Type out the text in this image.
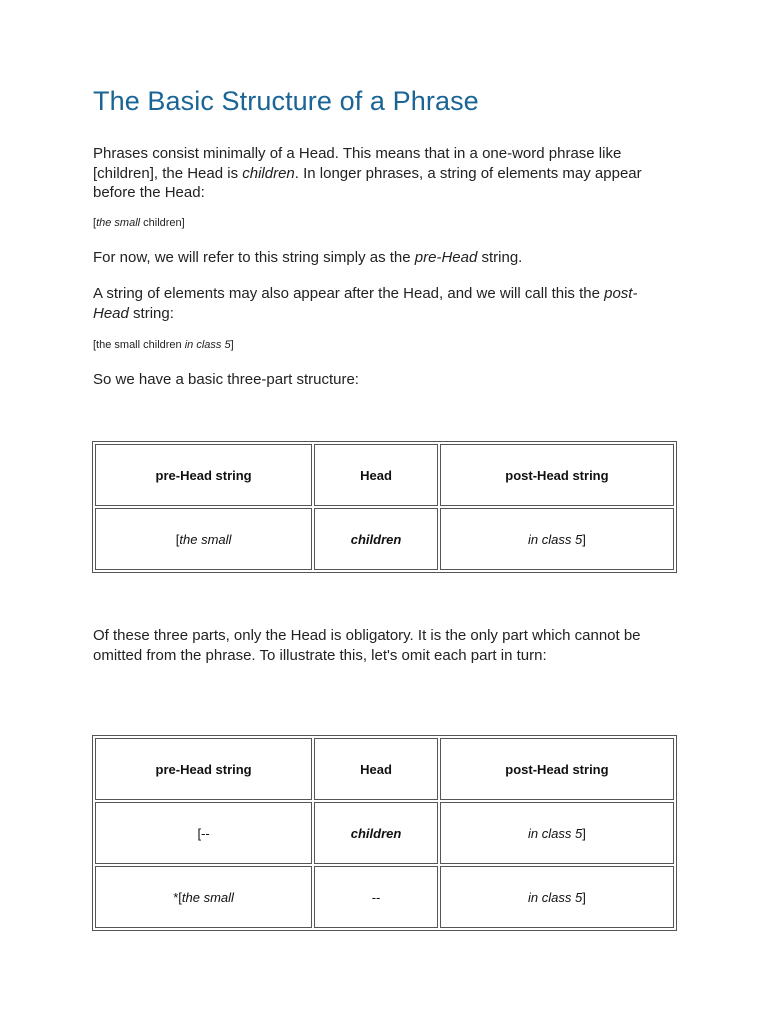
The Basic Structure of a Phrase

Phrases consist minimally of a Head. This means that in a one-word phrase like [children], the Head is children. In longer phrases, a string of elements may appear before the Head:

[the small children]

For now, we will refer to this string simply as the pre-Head string.

A string of elements may also appear after the Head, and we will call this the post-Head string:

[the small children in class 5]

So we have a basic three-part structure:

pre-Head string	Head	post-Head string
[the small	children	in class 5]

Of these three parts, only the Head is obligatory. It is the only part which cannot be omitted from the phrase. To illustrate this, let's omit each part in turn:

pre-Head string	Head	post-Head string
[--	children	in class 5]
*[the small	--	in class 5]
